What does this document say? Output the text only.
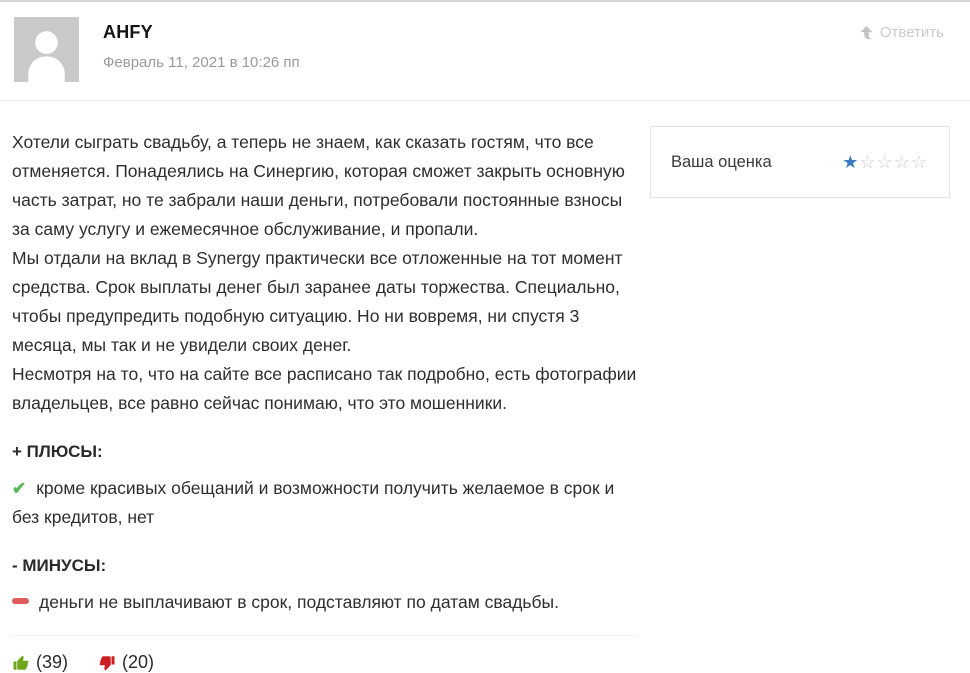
AHFY
Февраль 11, 2021 в 10:26 пп
Ответить

Хотели сыграть свадьбу, а теперь не знаем, как сказать гостям, что все отменяется. Понадеялись на Синергию, которая сможет закрыть основную часть затрат, но те забрали наши деньги, потребовали постоянные взносы за саму услугу и ежемесячное обслуживание, и пропали.

Мы отдали на вклад в Synergy практически все отложенные на тот момент средства. Срок выплаты денег был заранее даты торжества. Специально, чтобы предупредить подобную ситуацию. Но ни вовремя, ни спустя 3 месяца, мы так и не увидели своих денег.

Несмотря на то, что на сайте все расписано так подробно, есть фотографии владельцев, все равно сейчас понимаю, что это мошенники.

+ ПЛЮСЫ:
✔ кроме красивых обещаний и возможности получить желаемое в срок и без кредитов, нет
- МИНУСЫ:
деньги не выплачивают в срок, подставляют по датам свадьбы.
(39)	(20)
Ваша оценка	★ ☆ ☆ ☆ ☆
